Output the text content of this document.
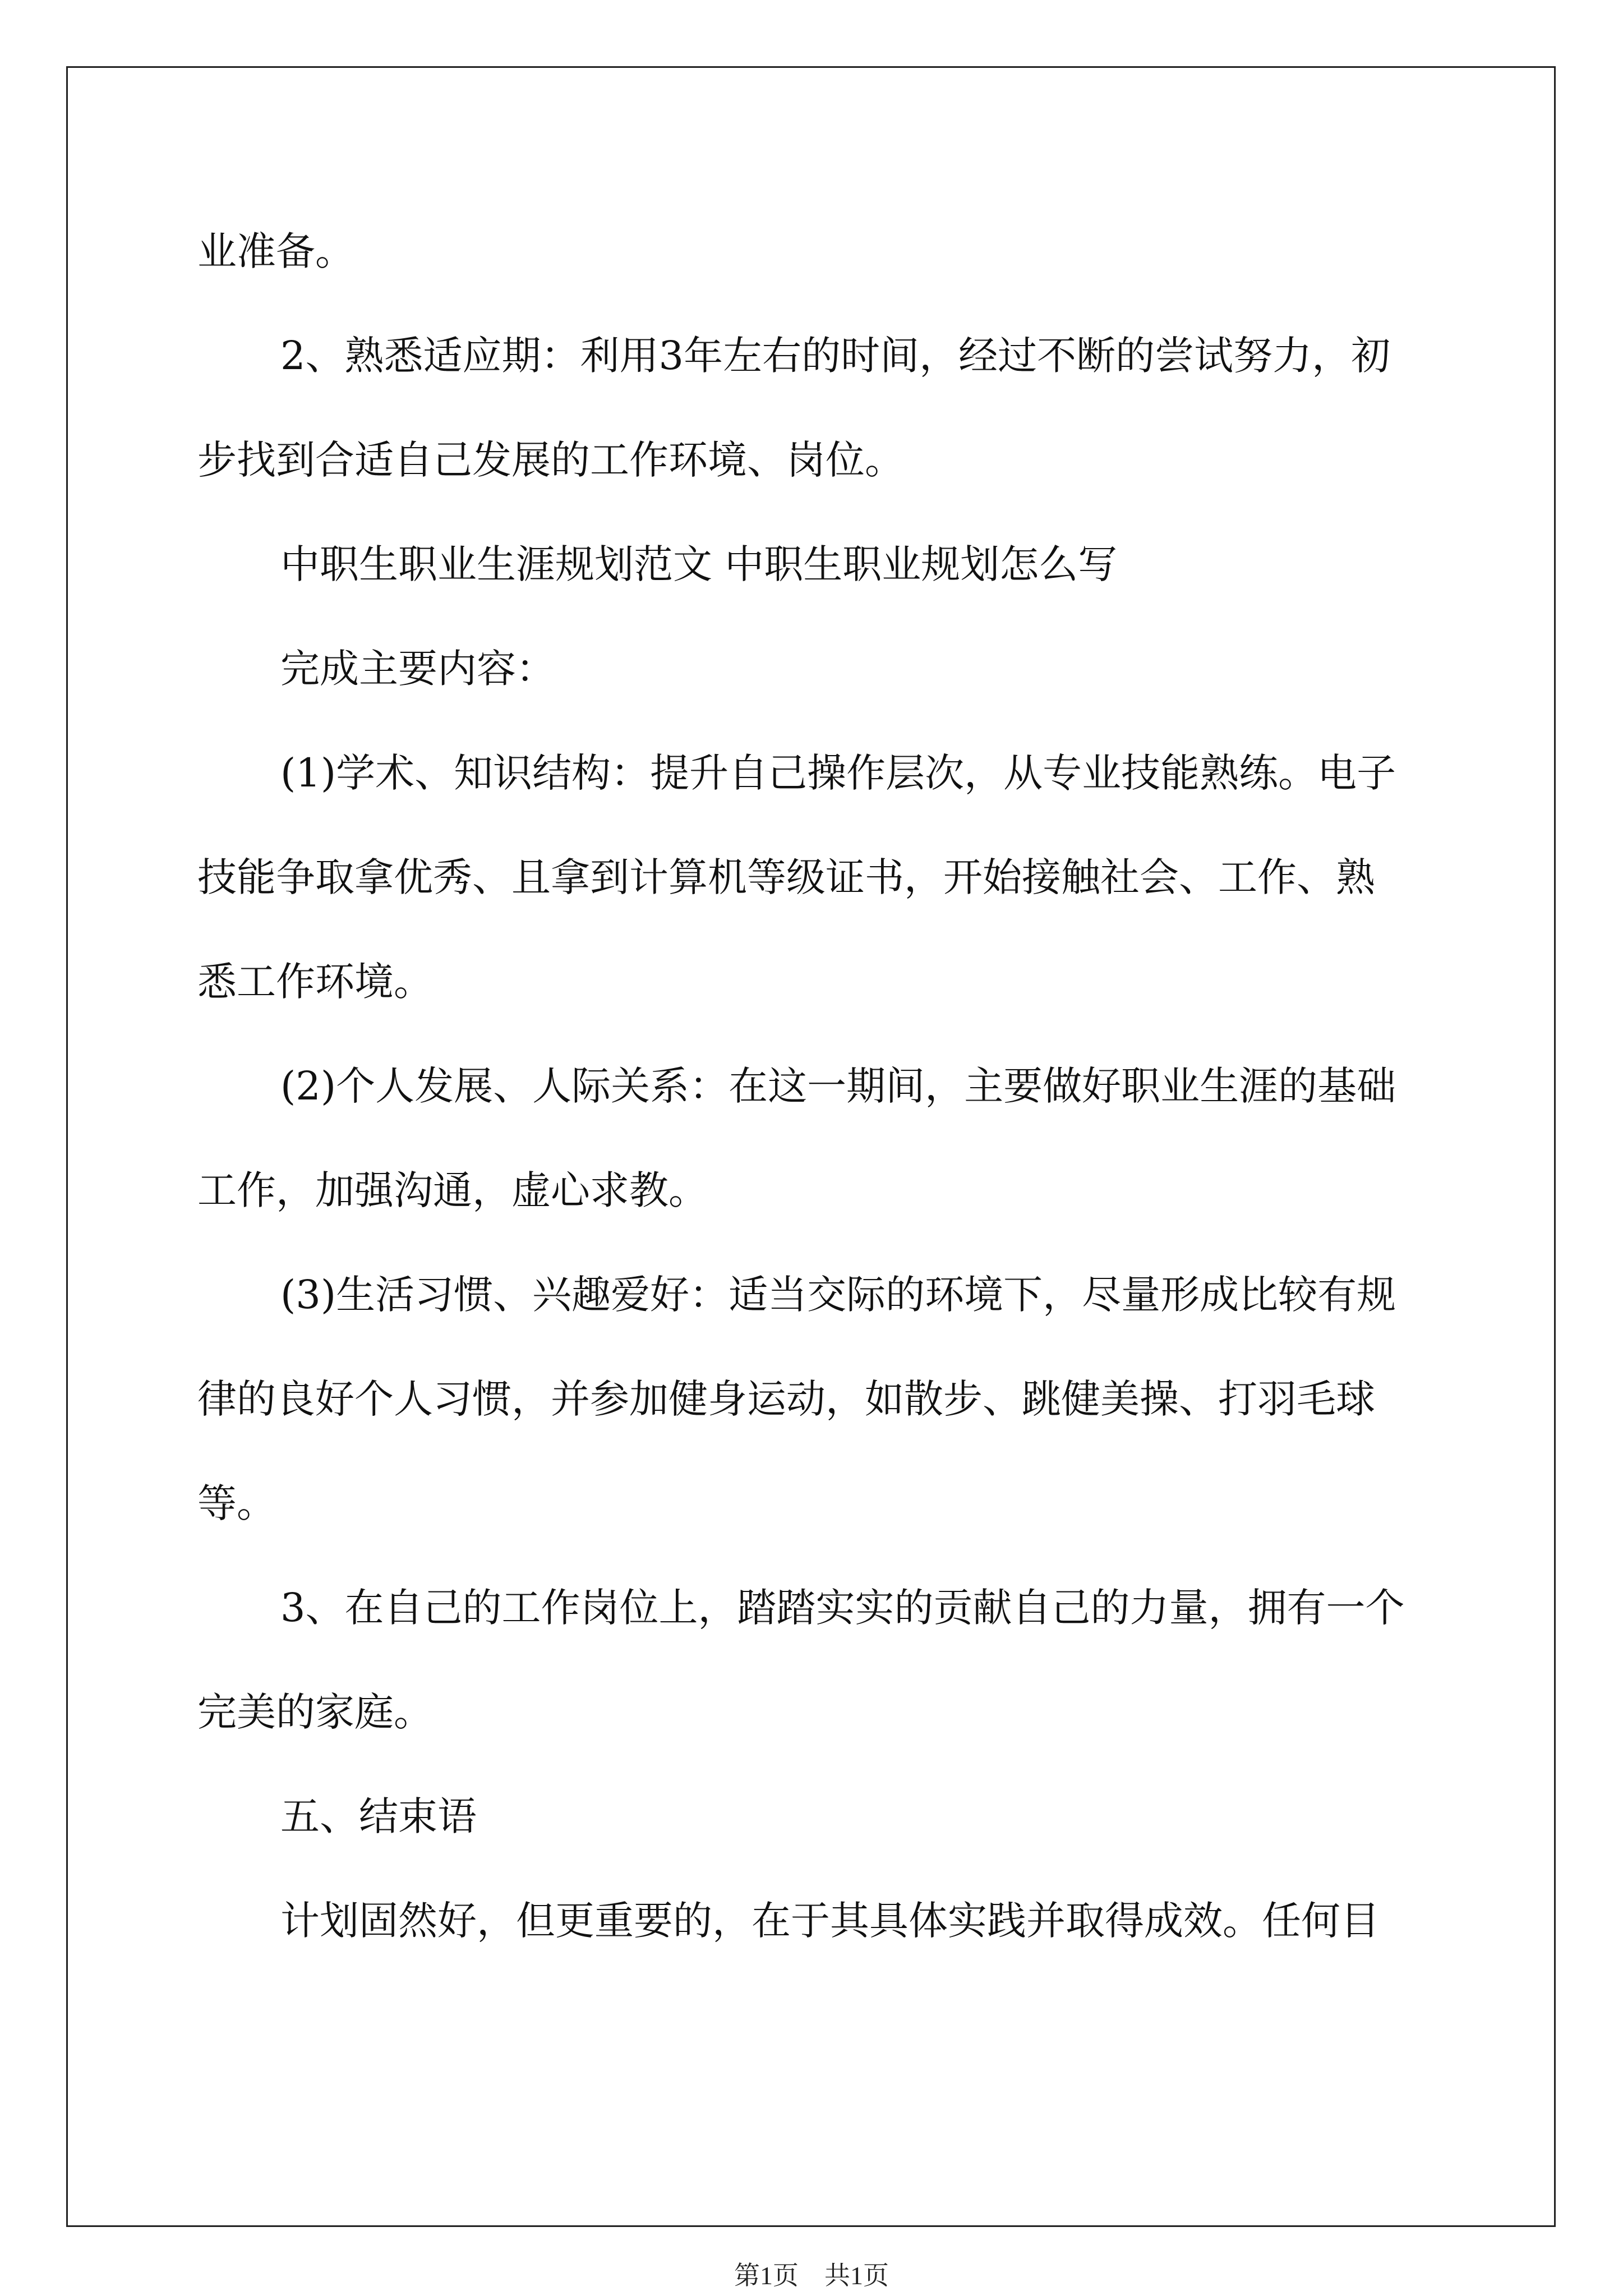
业准备。
2、熟悉适应期：利用3年左右的时间，经过不断的尝试努力，初
步找到合适自己发展的工作环境、岗位。
中职生职业生涯规划范文 中职生职业规划怎么写
完成主要内容：
(1)学术、知识结构：提升自己操作层次，从专业技能熟练。电子
技能争取拿优秀、且拿到计算机等级证书，开始接触社会、工作、熟
悉工作环境。
(2)个人发展、人际关系：在这一期间，主要做好职业生涯的基础
工作，加强沟通，虚心求教。
(3)生活习惯、兴趣爱好：适当交际的环境下，尽量形成比较有规
律的良好个人习惯，并参加健身运动，如散步、跳健美操、打羽毛球
等。
3、在自己的工作岗位上，踏踏实实的贡献自己的力量，拥有一个
完美的家庭。
五、结束语
计划固然好，但更重要的，在于其具体实践并取得成效。任何目
第1页　共1页
